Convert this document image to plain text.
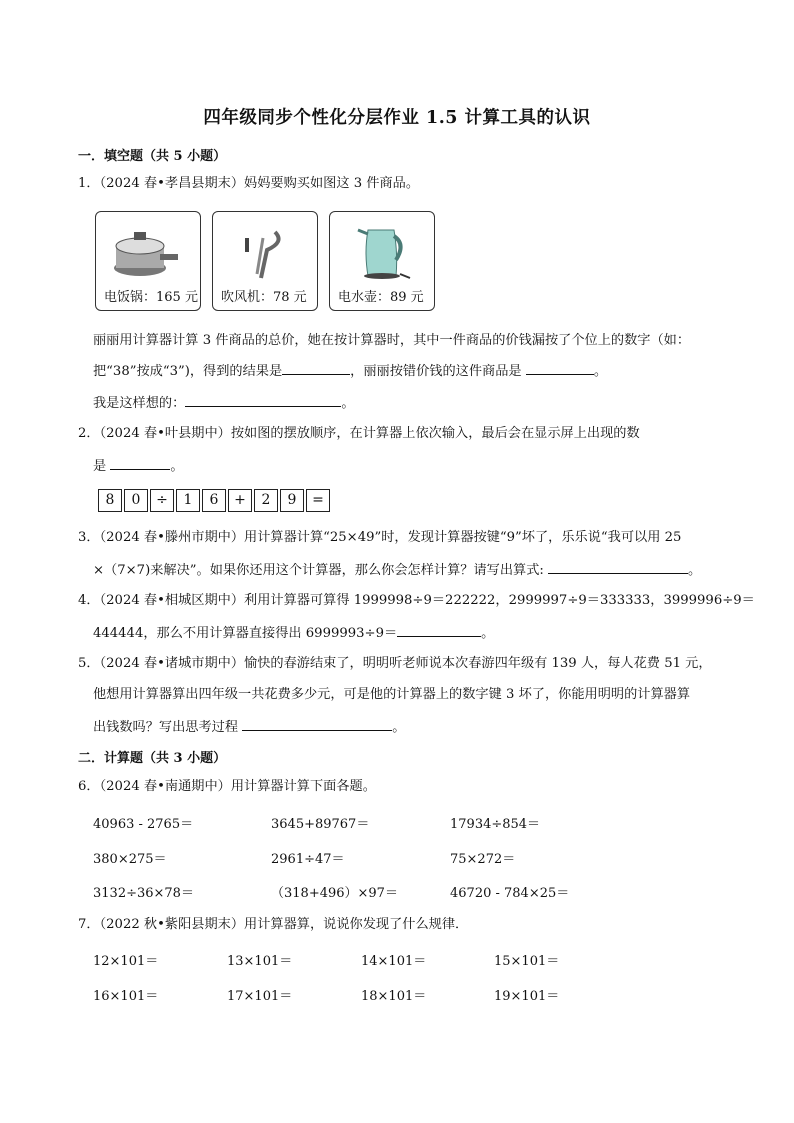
四年级同步个性化分层作业 1.5 计算工具的认识
一．填空题（共 5 小题）
1．（2024 春•孝昌县期末）妈妈要购买如图这 3 件商品。
电饭锅：165 元 吹风机：78 元 电水壶：89 元
丽丽用计算器计算 3 件商品的总价，她在按计算器时，其中一件商品的价钱漏按了个位上的数字（如：
把“38”按成“3”)，得到的结果是	，丽丽按错价钱的这件商品是	。
我是这样想的：	。
2．（2024 春•叶县期中）按如图的摆放顺序，在计算器上依次输入，最后会在显示屏上出现的数
是	。
8	0	÷	1	6	+	2	9	=
3．（2024 春•滕州市期中）用计算器计算“25×49”时，发现计算器按键“9”坏了，乐乐说“我可以用 25
×（7×7)来解决”。如果你还用这个计算器，那么你会怎样计算？请写出算式:	。
4．（2024 春•相城区期中）利用计算器可算得 1999998÷9＝222222，2999997÷9＝333333，3999996÷9＝
444444，那么不用计算器直接得出 6999993÷9＝	。
5．（2024 春•诸城市期中）愉快的春游结束了，明明听老师说本次春游四年级有 139 人，每人花费 51 元，
他想用计算器算出四年级一共花费多少元，可是他的计算器上的数字键 3 坏了，你能用明明的计算器算
出钱数吗？写出思考过程	。
二．计算题（共 3 小题）
6．（2024 春•南通期中）用计算器计算下面各题。
40963 - 2765＝	3645+89767＝	17934÷854＝
380×275＝	2961÷47＝	75×272＝
3132÷36×78＝	（318+496）×97＝	46720 - 784×25＝
7．（2022 秋•紫阳县期末）用计算器算，说说你发现了什么规律．
12×101＝	13×101＝	14×101＝	15×101＝
16×101＝	17×101＝	18×101＝	19×101＝
